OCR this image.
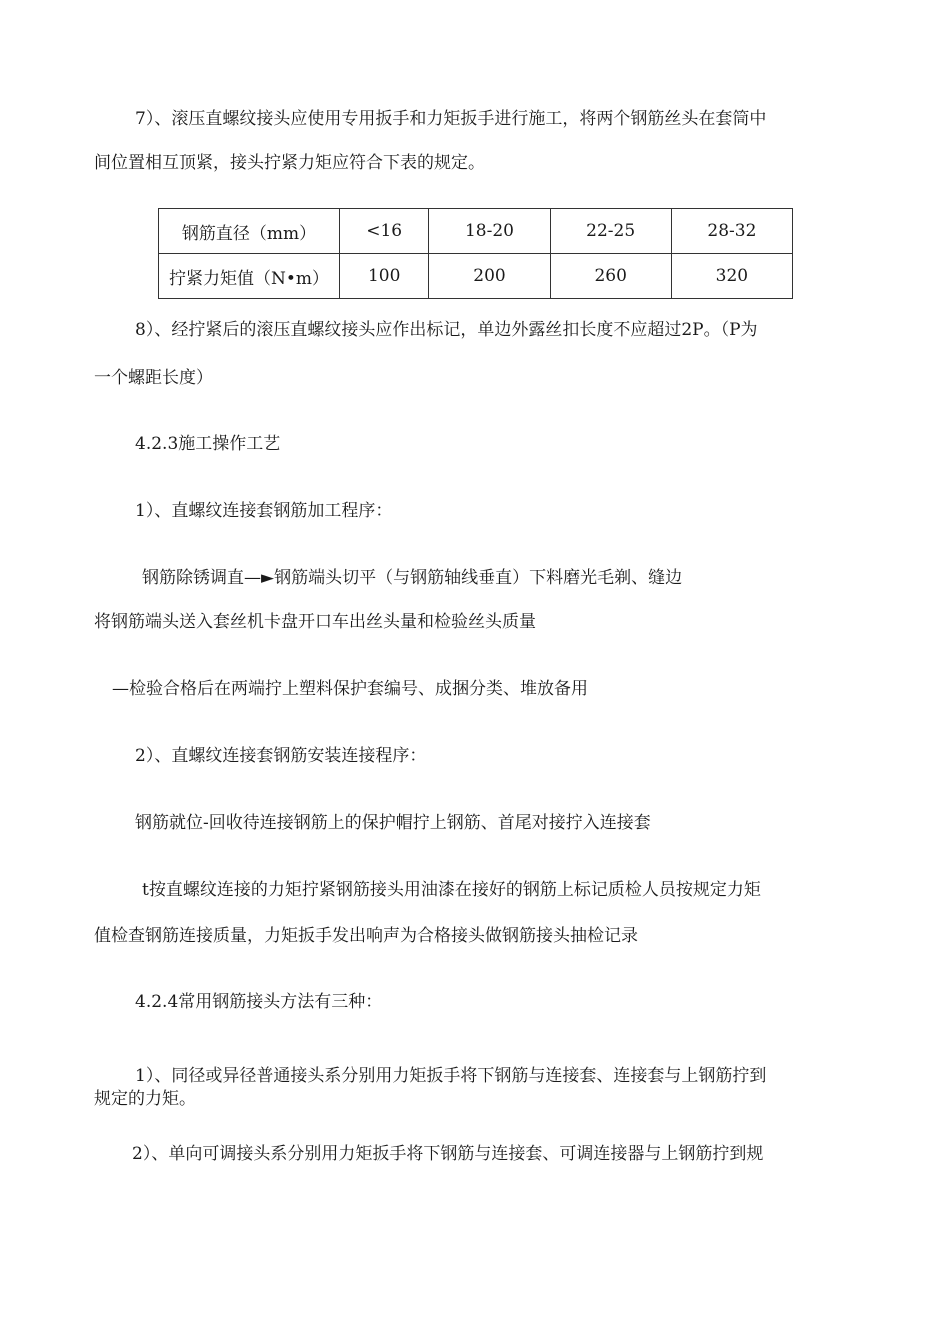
7）、滚压直螺纹接头应使用专用扳手和力矩扳手进行施工，将两个钢筋丝头在套筒中
间位置相互顶紧，接头拧紧力矩应符合下表的规定。
钢筋直径（mm）	<16	18-20	22-25	28-32
拧紧力矩值（N•m）	100	200	260	320
8）、经拧紧后的滚压直螺纹接头应作出标记，单边外露丝扣长度不应超过2P。（P为
一个螺距长度）
4.2.3施工操作工艺
1）、直螺纹连接套钢筋加工程序：
钢筋除锈调直—►钢筋端头切平（与钢筋轴线垂直）下料磨光毛剃、缝边
将钢筋端头送入套丝机卡盘开口车出丝头量和检验丝头质量
—检验合格后在两端拧上塑料保护套编号、成捆分类、堆放备用
2）、直螺纹连接套钢筋安装连接程序：
钢筋就位-回收待连接钢筋上的保护帽拧上钢筋、首尾对接拧入连接套
t按直螺纹连接的力矩拧紧钢筋接头用油漆在接好的钢筋上标记质检人员按规定力矩
值检查钢筋连接质量，力矩扳手发出响声为合格接头做钢筋接头抽检记录
4.2.4常用钢筋接头方法有三种：
1）、同径或异径普通接头系分别用力矩扳手将下钢筋与连接套、连接套与上钢筋拧到
规定的力矩。
2）、单向可调接头系分别用力矩扳手将下钢筋与连接套、可调连接器与上钢筋拧到规
